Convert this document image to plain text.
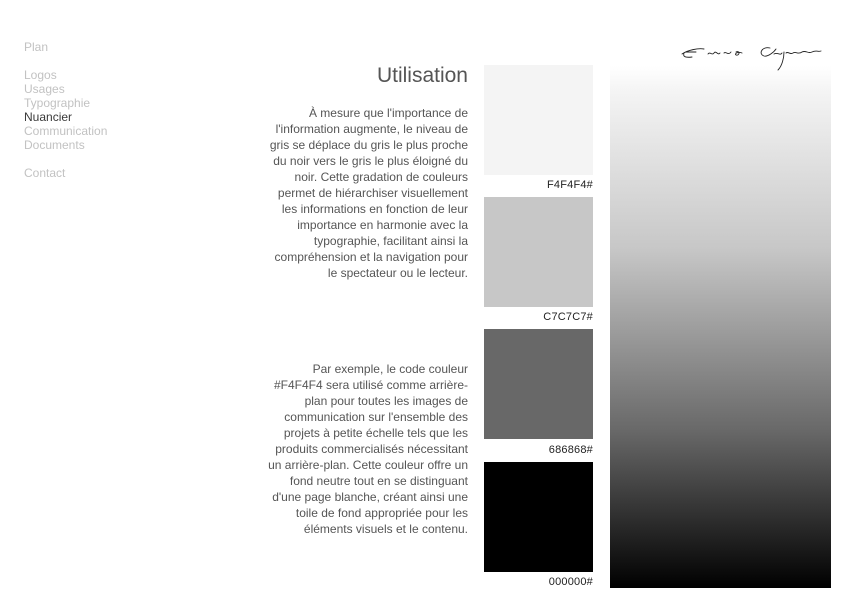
Plan
Logos
Usages
Typographie
Nuancier
Communication
Documents
Contact
Utilisation

À mesure que l'importance de l'information augmente, le niveau de gris se déplace du gris le plus proche du noir vers le gris le plus éloigné du noir. Cette gradation de couleurs permet de hiérarchiser visuellement les informations en fonction de leur importance en harmonie avec la typographie, facilitant ainsi la compréhension et la navigation pour le spectateur ou le lecteur.

Par exemple, le code couleur #F4F4F4 sera utilisé comme arrière-plan pour toutes les images de communication sur l'ensemble des projets à petite échelle tels que les produits commercialisés nécessitant un arrière-plan. Cette couleur offre un fond neutre tout en se distinguant d'une page blanche, créant ainsi une toile de fond appropriée pour les éléments visuels et le contenu.

F4F4F4#
C7C7C7#
686868#
000000#
